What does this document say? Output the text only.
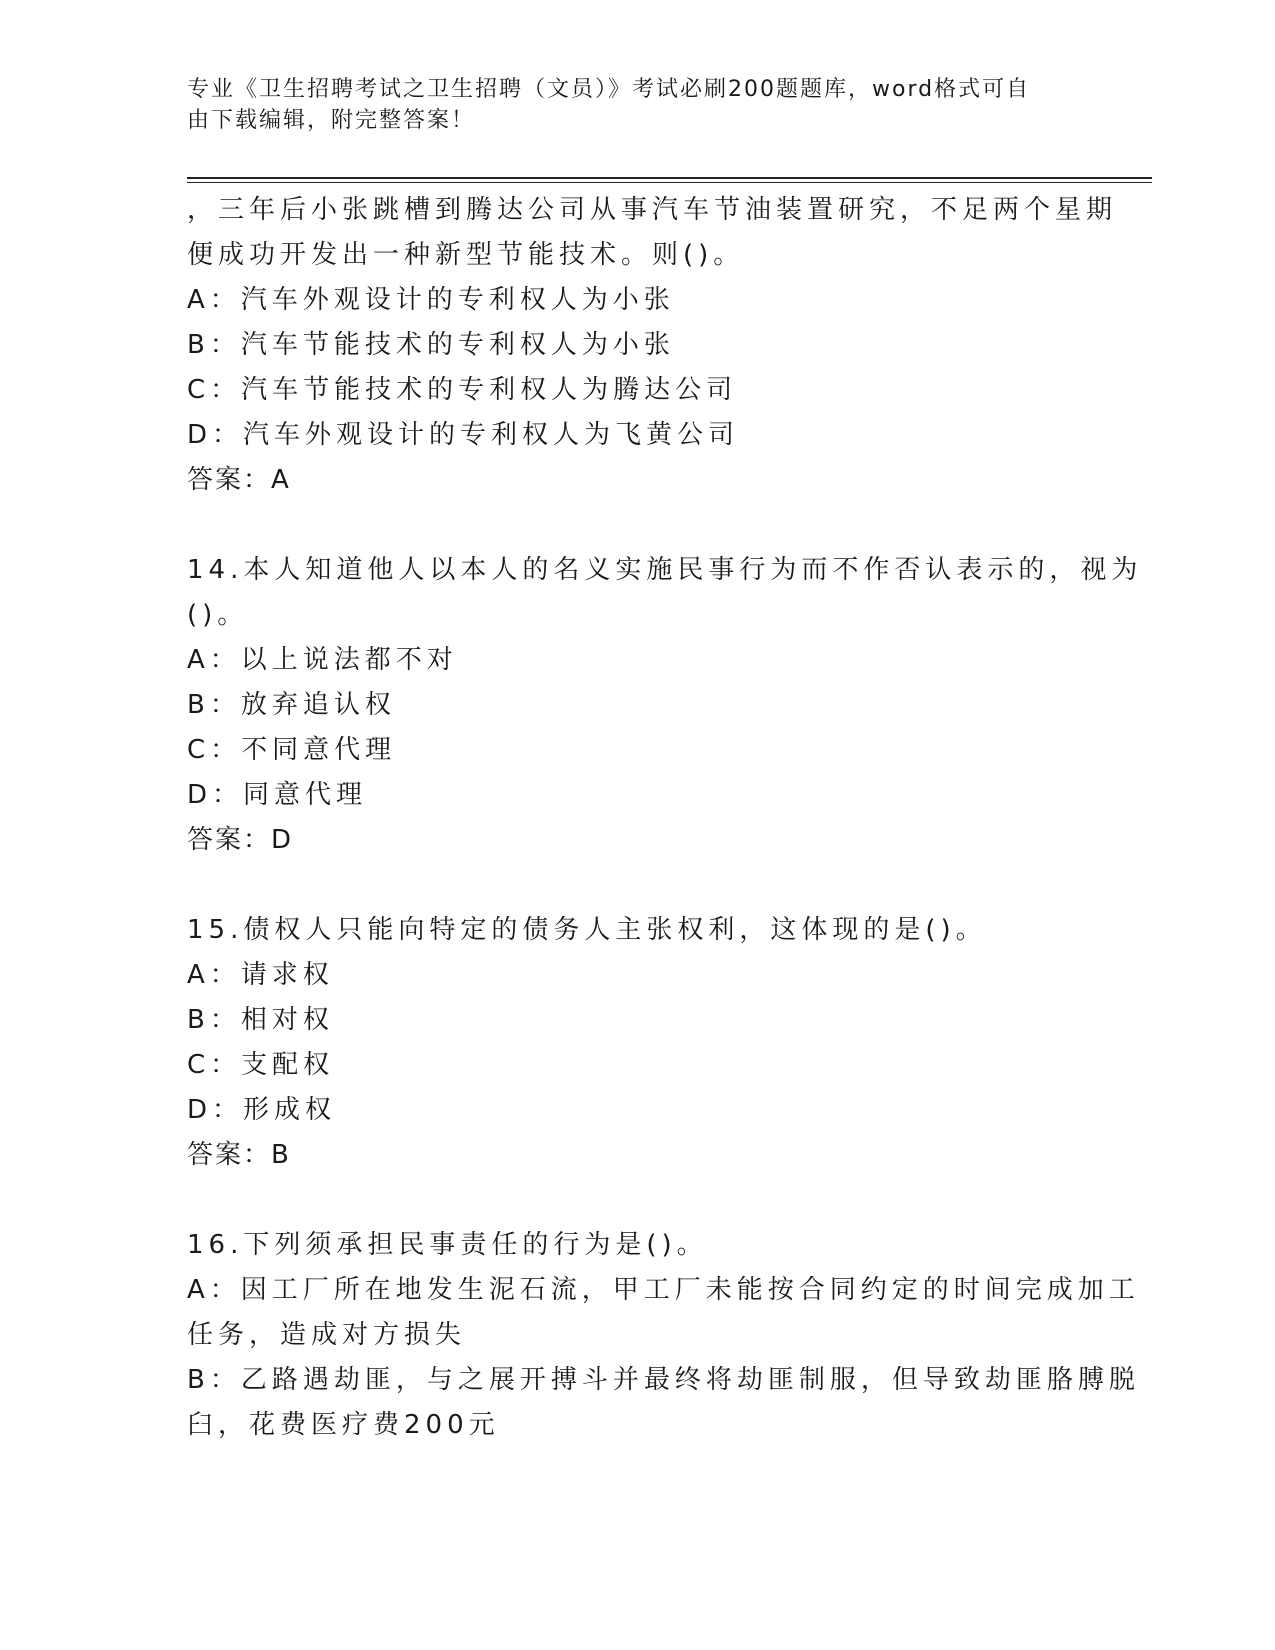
专业《卫生招聘考试之卫生招聘（文员）》考试必刷200题题库，word格式可自
由下载编辑，附完整答案！
，三年后小张跳槽到腾达公司从事汽车节油装置研究，不足两个星期
便成功开发出一种新型节能技术。则()。
A：汽车外观设计的专利权人为小张
B：汽车节能技术的专利权人为小张
C：汽车节能技术的专利权人为腾达公司
D：汽车外观设计的专利权人为飞黄公司
答案：A
14.本人知道他人以本人的名义实施民事行为而不作否认表示的，视为
()。
A：以上说法都不对
B：放弃追认权
C：不同意代理
D：同意代理
答案：D
15.债权人只能向特定的债务人主张权利，这体现的是()。
A：请求权
B：相对权
C：支配权
D：形成权
答案：B
16.下列须承担民事责任的行为是()。
A：因工厂所在地发生泥石流，甲工厂未能按合同约定的时间完成加工
任务，造成对方损失
B：乙路遇劫匪，与之展开搏斗并最终将劫匪制服，但导致劫匪胳膊脱
臼，花费医疗费200元
